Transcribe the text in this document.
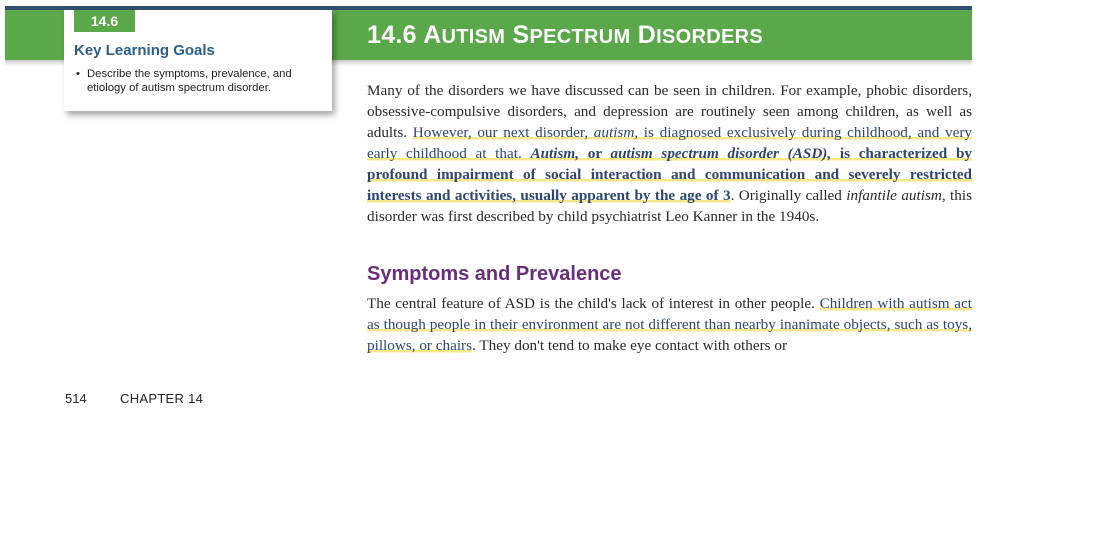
14.6 AUTISM SPECTRUM DISORDERS
14.6
Key Learning Goals
• Describe the symptoms, prevalence, and etiology of autism spectrum disorder.	Many of the disorders we have discussed can be seen in children. For example, phobic disorders, obsessive-compulsive disorders, and depression are routinely seen among children, as well as adults. However, our next disorder, autism, is diagnosed exclusively during childhood, and very early childhood at that. Autism, or autism spectrum disorder (ASD), is characterized by profound impairment of social interaction and communication and severely restricted interests and activities, usually apparent by the age of 3. Originally called infantile autism, this disorder was first described by child psychiatrist Leo Kanner in the 1940s.

Symptoms and Prevalence

The central feature of ASD is the child's lack of interest in other people. Children with autism act as though people in their environment are not different than nearby inanimate objects, such as toys, pillows, or chairs. They don't tend to make eye contact with others or

514	CHAPTER 14
